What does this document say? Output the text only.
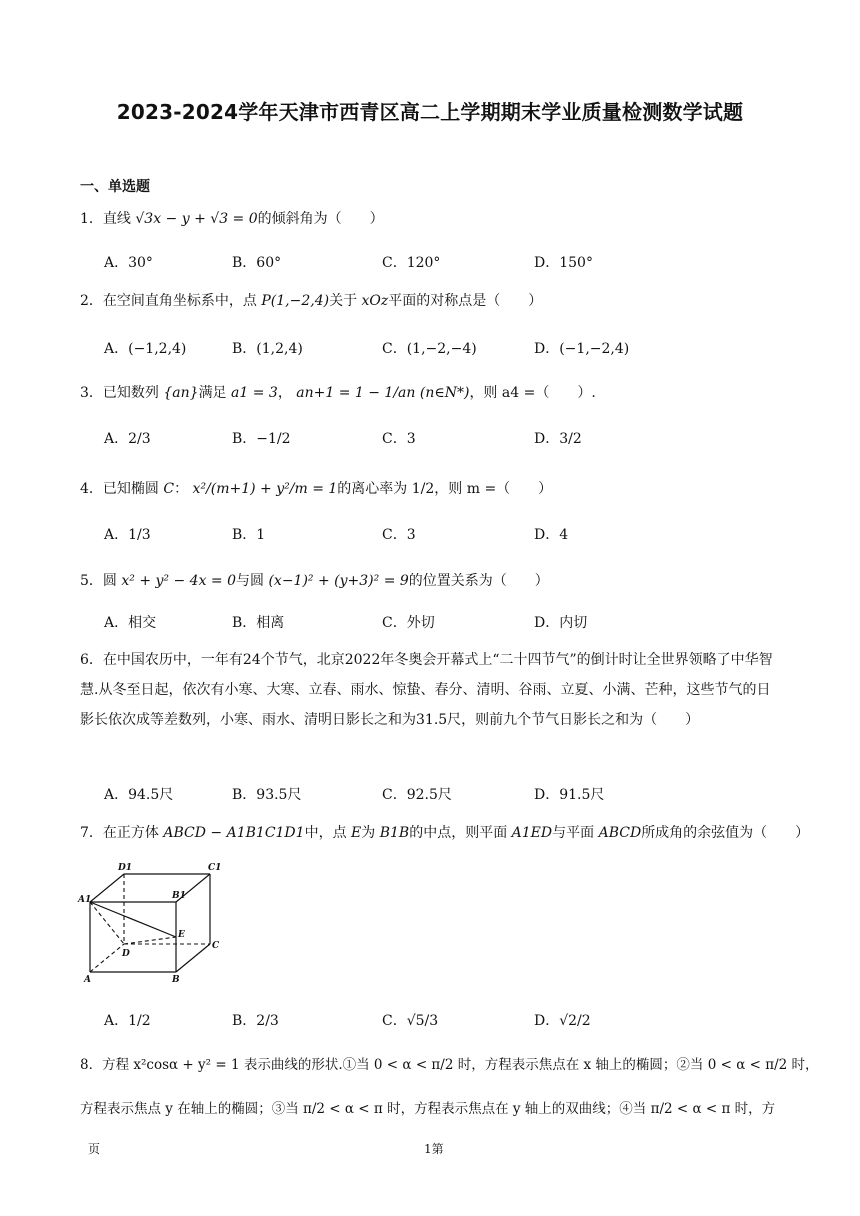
2023-2024学年天津市西青区高二上学期期末学业质量检测数学试题
一、单选题
1．直线 √3x − y + √3 = 0的倾斜角为（　　）
A．30°	B．60°	C．120°	D．150°
2．在空间直角坐标系中，点 P(1,−2,4)关于 xOz平面的对称点是（　　）
A．(−1,2,4)	B．(1,2,4)	C．(1,−2,−4)	D．(−1,−2,4)
3．已知数列 {an}满足 a1 = 3， an+1 = 1 − 1/an (n∈N*)，则 a4 =（　　）.
A．2/3	B．−1/2	C．3	D．3/2
4．已知椭圆 C： x²/(m+1) + y²/m = 1的离心率为 1/2，则 m =（　　）
A．1/3	B．1	C．3	D．4
5．圆 x² + y² − 4x = 0与圆 (x−1)² + (y+3)² = 9的位置关系为（　　）
A．相交	B．相离	C．外切	D．内切
6．在中国农历中，一年有24个节气，北京2022年冬奥会开幕式上“二十四节气”的倒计时让全世界领略了中华智慧.从冬至日起，依次有小寒、大寒、立春、雨水、惊蛰、春分、清明、谷雨、立夏、小满、芒种，这些节气的日影长依次成等差数列，小寒、雨水、清明日影长之和为31.5尺，则前九个节气日影长之和为（　　）
A．94.5尺	B．93.5尺	C．92.5尺	D．91.5尺
7．在正方体 ABCD − A1B1C1D1中，点 E为 B1B的中点，则平面 A1ED与平面 ABCD所成角的余弦值为（　　）
D1	C1
A1	B1
E
D
C
A	B
A．1/2	B．2/3	C．√5/3	D．√2/2
8．方程 x²cosα + y² = 1 表示曲线的形状.①当 0 < α < π/2 时，方程表示焦点在 x 轴上的椭圆；②当 0 < α < π/2 时，
方程表示焦点 y 在轴上的椭圆；③当 π/2 < α < π 时，方程表示焦点在 y 轴上的双曲线；④当 π/2 < α < π 时，方
页	1第
